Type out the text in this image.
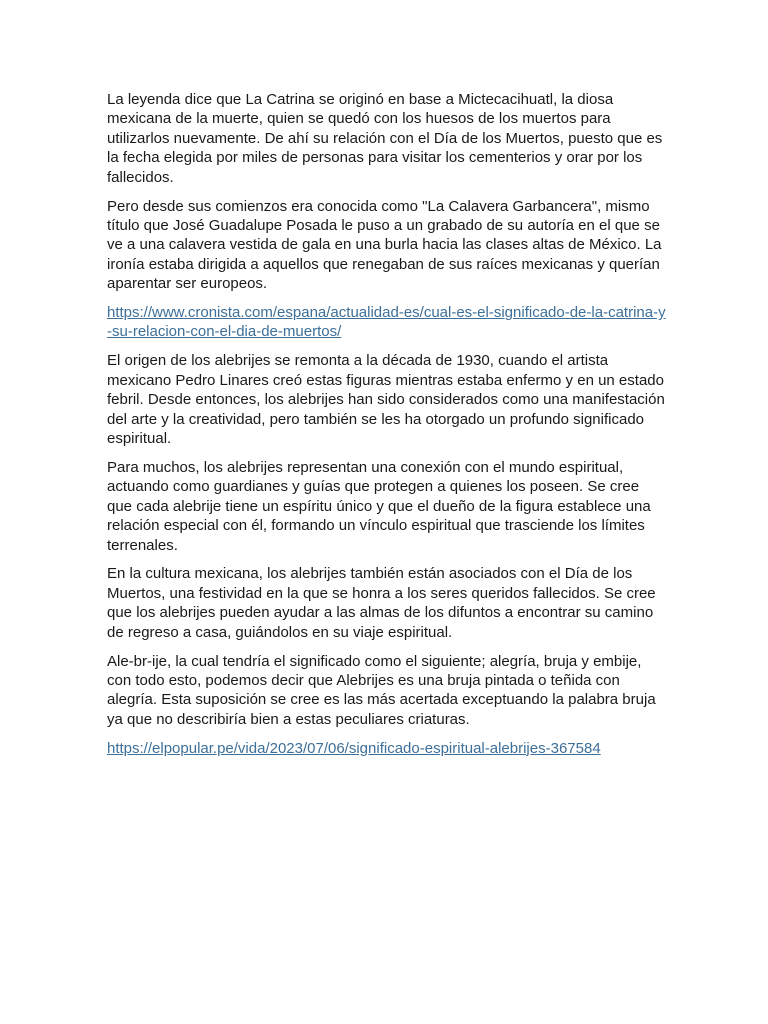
La leyenda dice que La Catrina se originó en base a Mictecacihuatl, la diosa mexicana de la muerte, quien se quedó con los huesos de los muertos para utilizarlos nuevamente. De ahí su relación con el Día de los Muertos, puesto que es la fecha elegida por miles de personas para visitar los cementerios y orar por los fallecidos.

Pero desde sus comienzos era conocida como "La Calavera Garbancera", mismo título que José Guadalupe Posada le puso a un grabado de su autoría en el que se ve a una calavera vestida de gala en una burla hacia las clases altas de México. La ironía estaba dirigida a aquellos que renegaban de sus raíces mexicanas y querían aparentar ser europeos.

https://www.cronista.com/espana/actualidad-es/cual-es-el-significado-de-la-catrina-y-su-relacion-con-el-dia-de-muertos/

El origen de los alebrijes se remonta a la década de 1930, cuando el artista mexicano Pedro Linares creó estas figuras mientras estaba enfermo y en un estado febril. Desde entonces, los alebrijes han sido considerados como una manifestación del arte y la creatividad, pero también se les ha otorgado un profundo significado espiritual.

Para muchos, los alebrijes representan una conexión con el mundo espiritual, actuando como guardianes y guías que protegen a quienes los poseen. Se cree que cada alebrije tiene un espíritu único y que el dueño de la figura establece una relación especial con él, formando un vínculo espiritual que trasciende los límites terrenales.

En la cultura mexicana, los alebrijes también están asociados con el Día de los Muertos, una festividad en la que se honra a los seres queridos fallecidos. Se cree que los alebrijes pueden ayudar a las almas de los difuntos a encontrar su camino de regreso a casa, guiándolos en su viaje espiritual.

Ale-br-ije, la cual tendría el significado como el siguiente; alegría, bruja y embije, con todo esto, podemos decir que Alebrijes es una bruja pintada o teñida con alegría. Esta suposición se cree es las más acertada exceptuando la palabra bruja ya que no describiría bien a estas peculiares criaturas.

https://elpopular.pe/vida/2023/07/06/significado-espiritual-alebrijes-367584
